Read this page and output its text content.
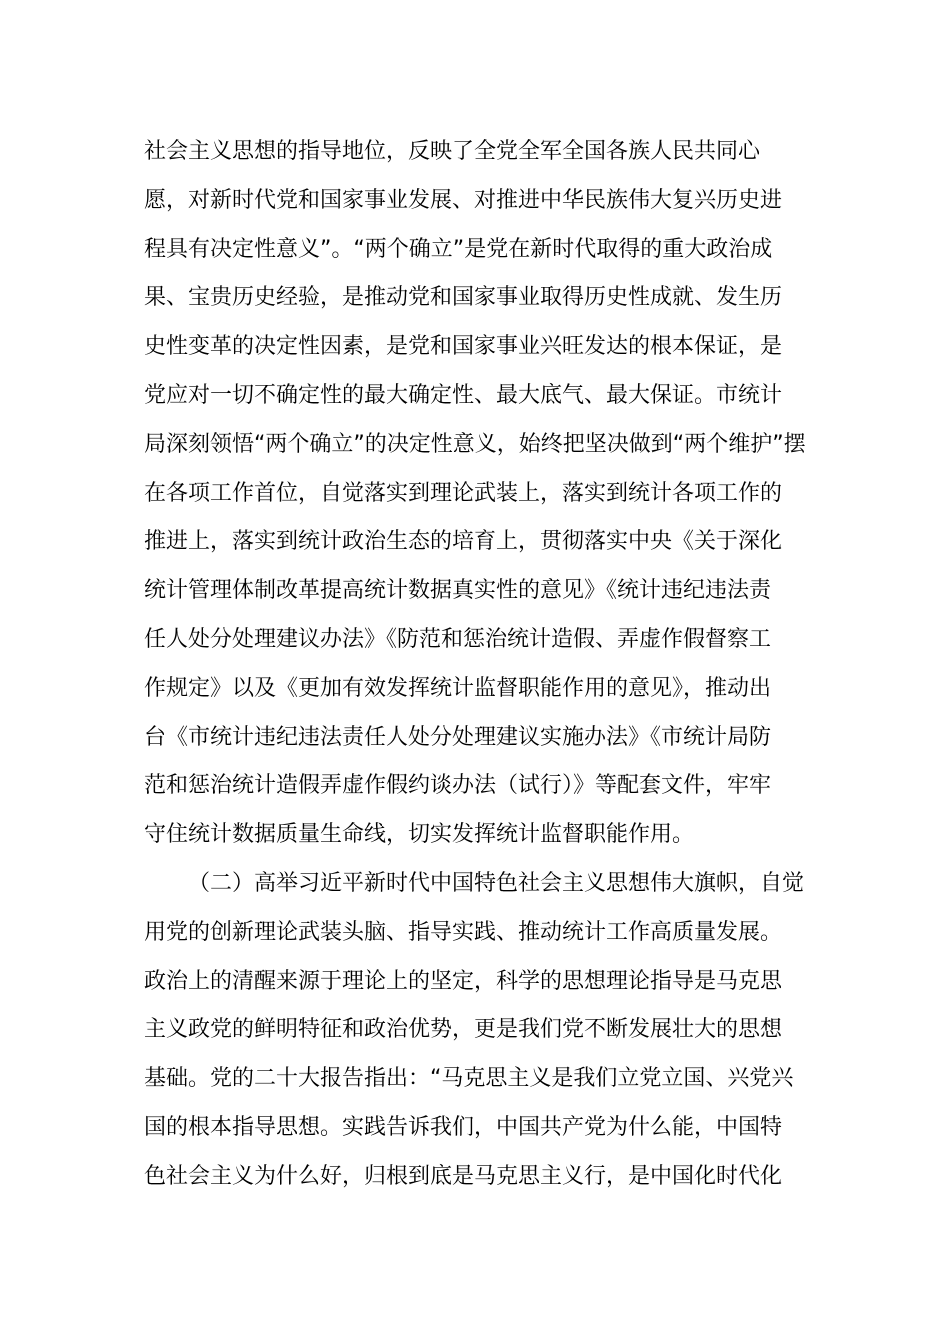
社会主义思想的指导地位，反映了全党全军全国各族人民共同心
愿，对新时代党和国家事业发展、对推进中华民族伟大复兴历史进
程具有决定性意义”。“两个确立”是党在新时代取得的重大政治成
果、宝贵历史经验，是推动党和国家事业取得历史性成就、发生历
史性变革的决定性因素，是党和国家事业兴旺发达的根本保证，是
党应对一切不确定性的最大确定性、最大底气、最大保证。市统计
局深刻领悟“两个确立”的决定性意义，始终把坚决做到“两个维护”摆
在各项工作首位，自觉落实到理论武装上，落实到统计各项工作的
推进上，落实到统计政治生态的培育上，贯彻落实中央《关于深化
统计管理体制改革提高统计数据真实性的意见》《统计违纪违法责
任人处分处理建议办法》《防范和惩治统计造假、弄虚作假督察工
作规定》以及《更加有效发挥统计监督职能作用的意见》，推动出
台《市统计违纪违法责任人处分处理建议实施办法》《市统计局防
范和惩治统计造假弄虚作假约谈办法（试行）》等配套文件，牢牢
守住统计数据质量生命线，切实发挥统计监督职能作用。
（二）高举习近平新时代中国特色社会主义思想伟大旗帜，自觉
用党的创新理论武装头脑、指导实践、推动统计工作高质量发展。
政治上的清醒来源于理论上的坚定，科学的思想理论指导是马克思
主义政党的鲜明特征和政治优势，更是我们党不断发展壮大的思想
基础。党的二十大报告指出：“马克思主义是我们立党立国、兴党兴
国的根本指导思想。实践告诉我们，中国共产党为什么能，中国特
色社会主义为什么好，归根到底是马克思主义行，是中国化时代化
